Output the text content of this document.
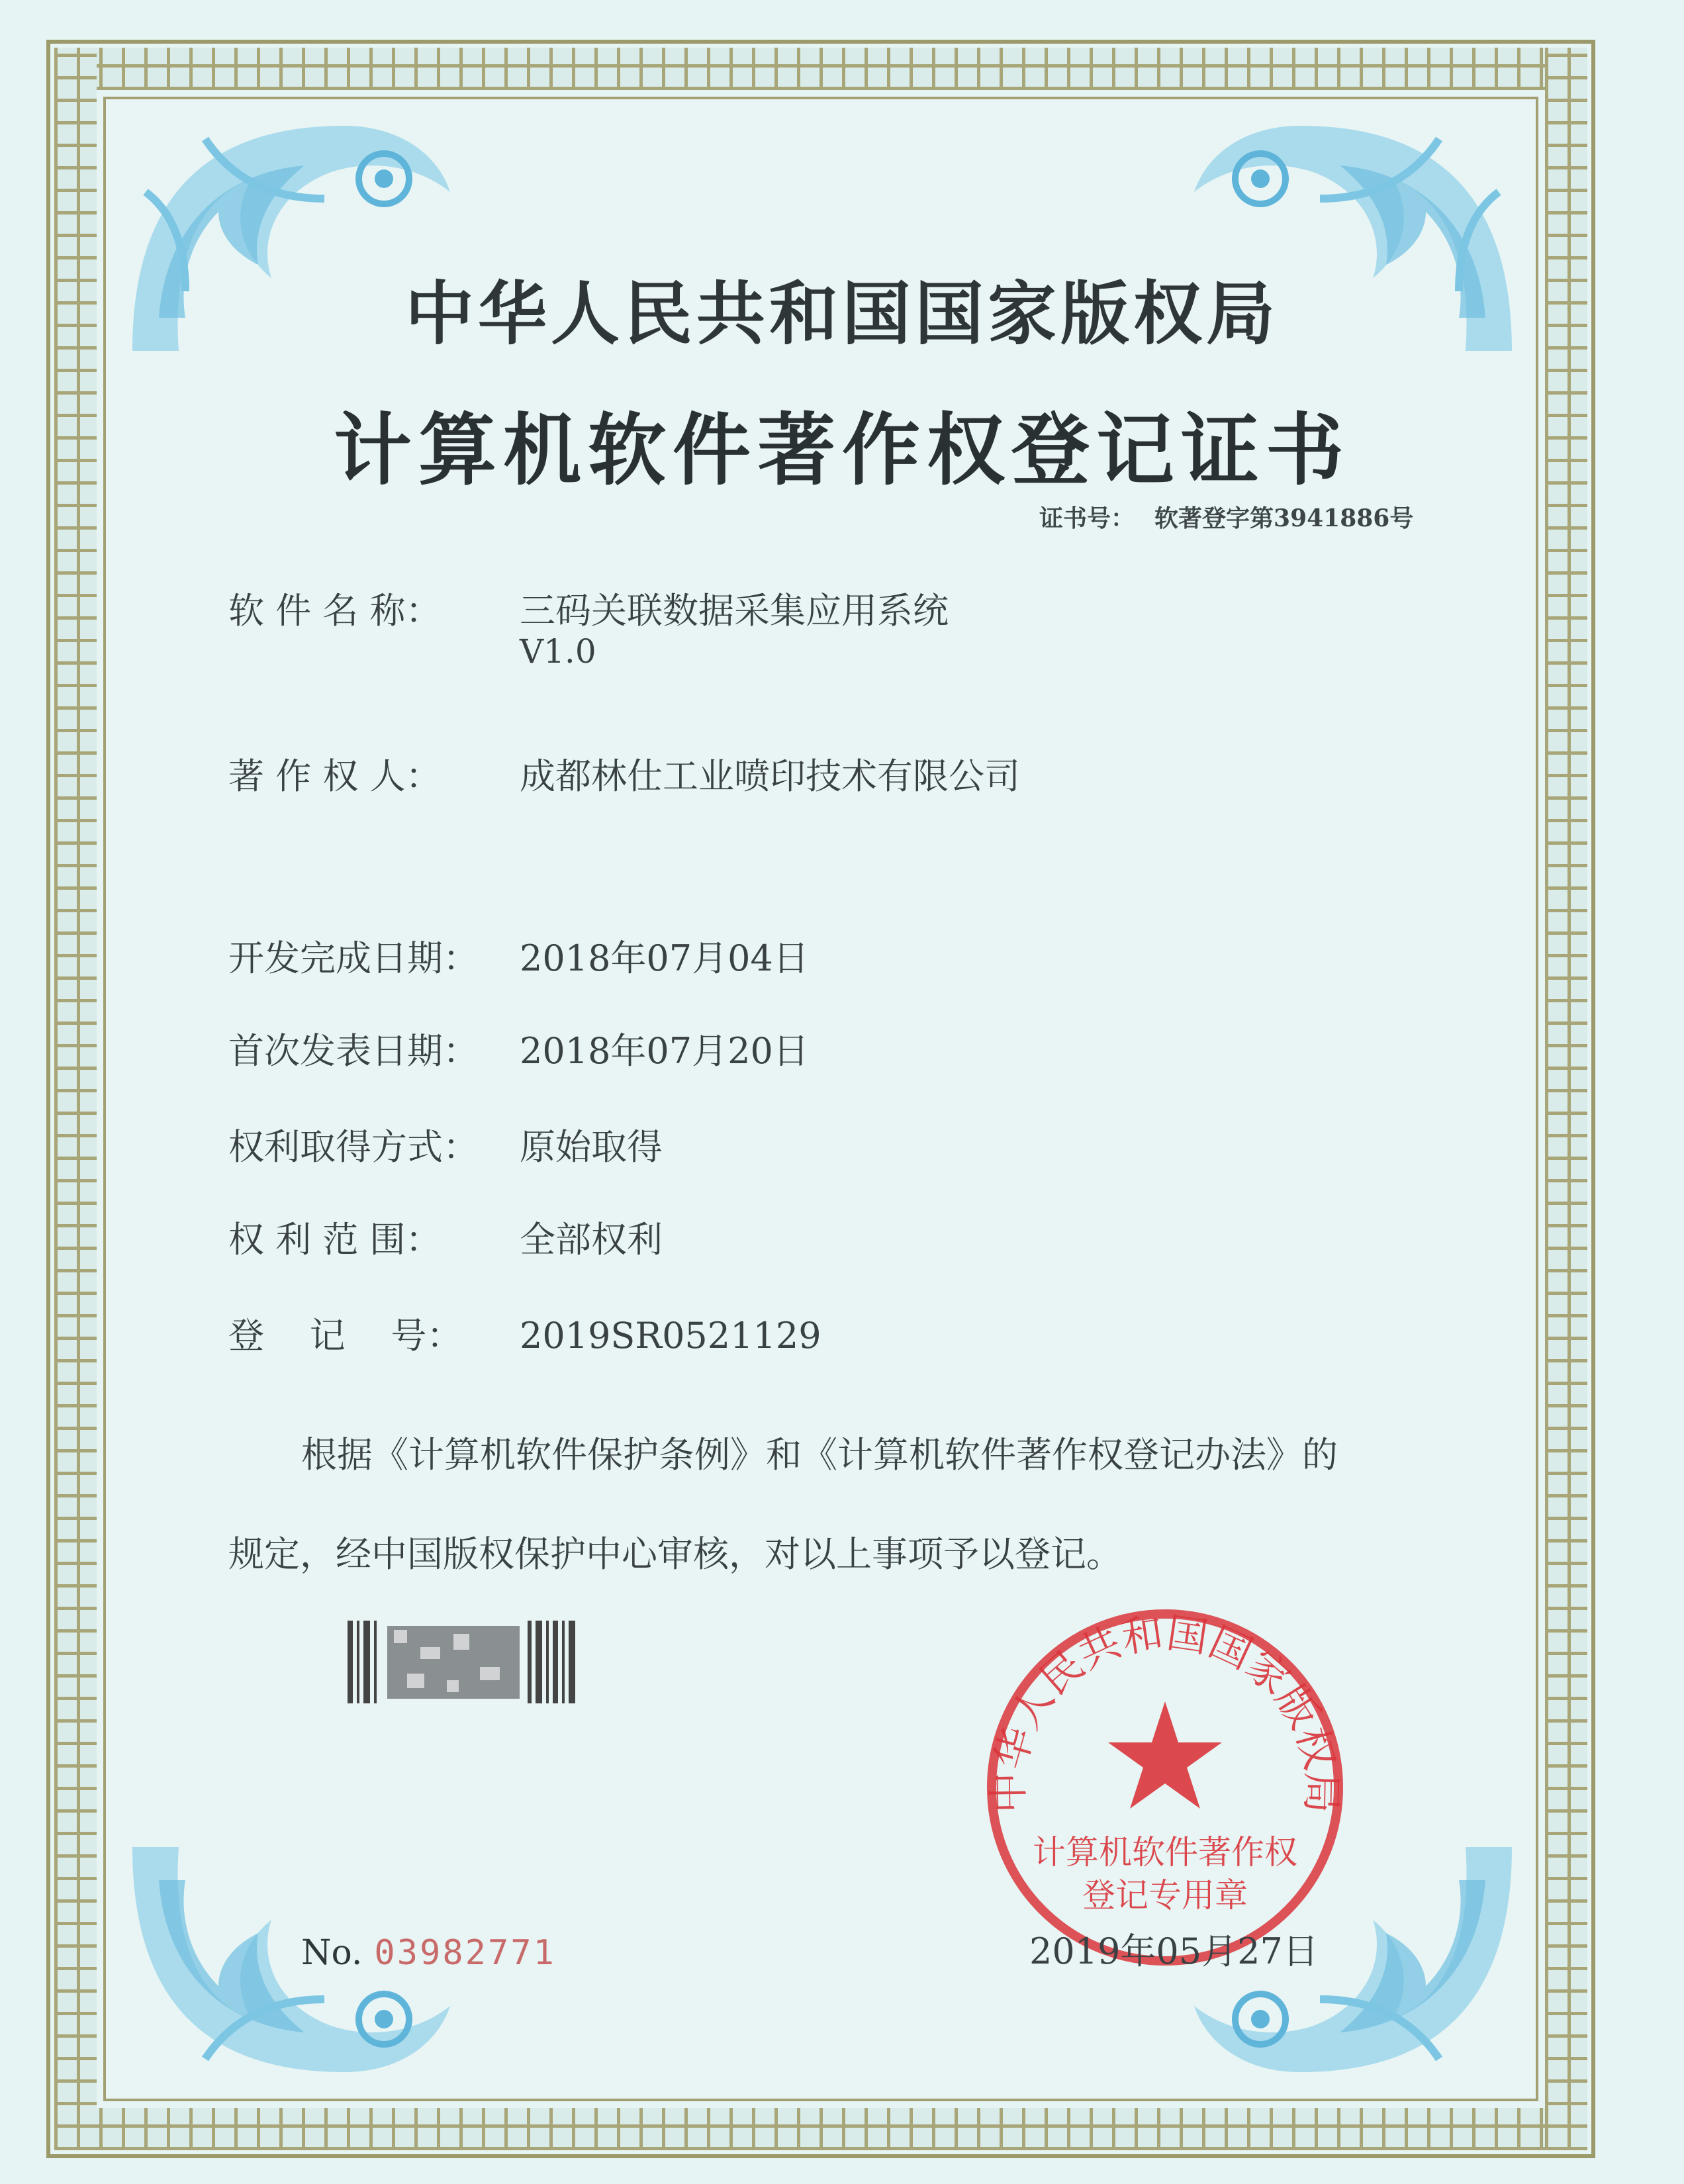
中华人民共和国国家版权局
计算机软件著作权登记证书
证书号： 软著登字第3941886号
软 件 名 称： 三码关联数据采集应用系统
V1.0
著 作 权 人： 成都林仕工业喷印技术有限公司
开发完成日期： 2018年07月04日
首次发表日期： 2018年07月20日
权利取得方式： 原始取得
权 利 范 围： 全部权利
登    记    号： 2019SR0521129
根据《计算机软件保护条例》和《计算机软件著作权登记办法》的
规定，经中国版权保护中心审核，对以上事项予以登记。
中华人民共和国国家版权局
计算机软件著作权
登记专用章
No. 03982771	2019年05月27日
